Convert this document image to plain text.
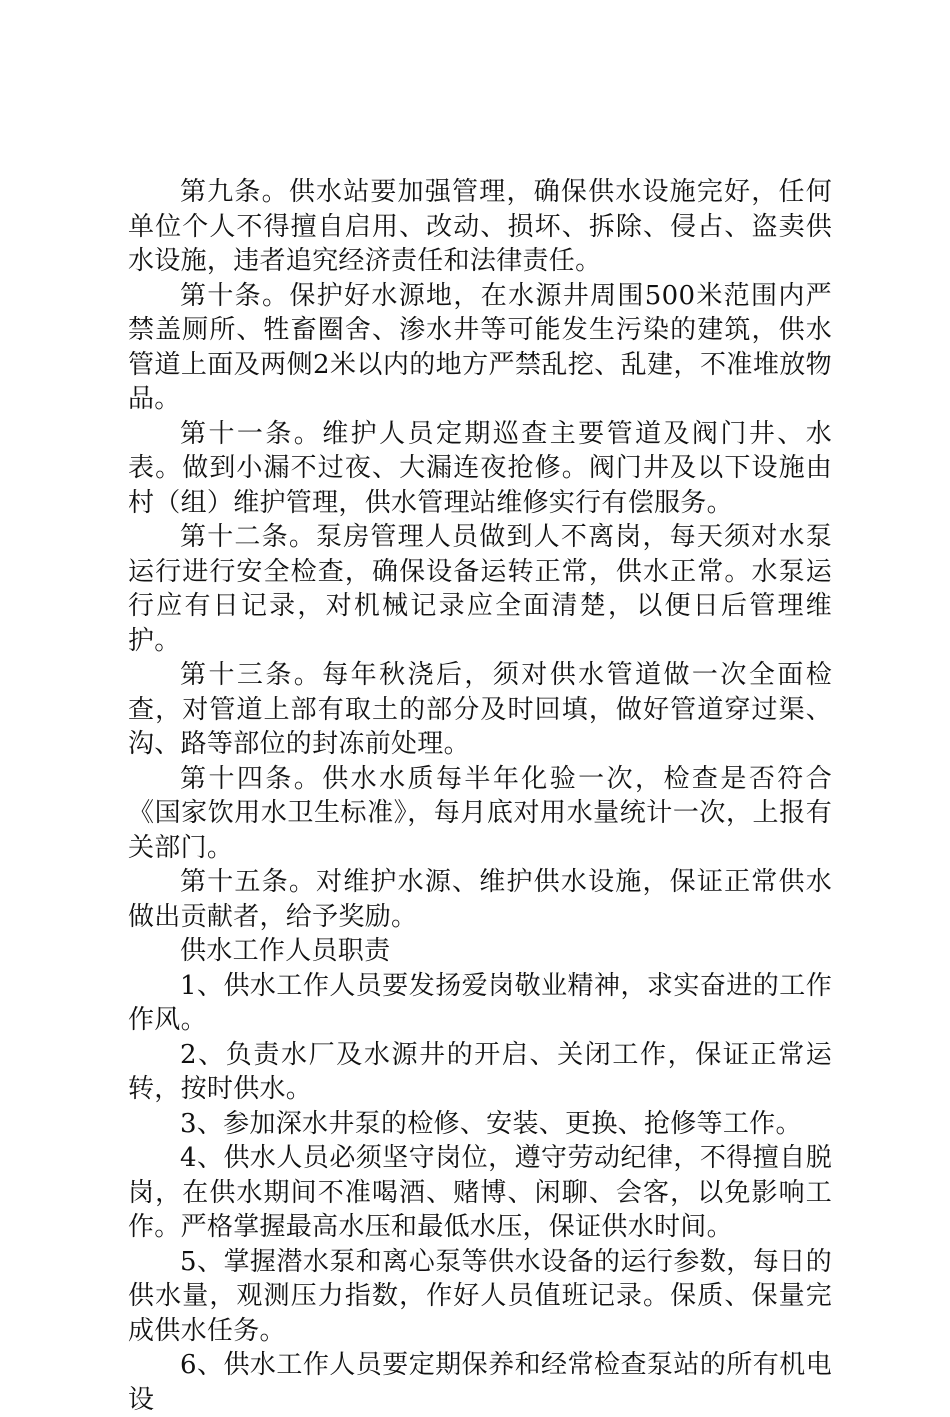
第九条。供水站要加强管理，确保供水设施完好，任何单位个人不得擅自启用、改动、损坏、拆除、侵占、盗卖供水设施，违者追究经济责任和法律责任。

第十条。保护好水源地，在水源井周围500米范围内严禁盖厕所、牲畜圈舍、渗水井等可能发生污染的建筑，供水管道上面及两侧2米以内的地方严禁乱挖、乱建，不准堆放物品。

第十一条。维护人员定期巡查主要管道及阀门井、水表。做到小漏不过夜、大漏连夜抢修。阀门井及以下设施由村（组）维护管理，供水管理站维修实行有偿服务。

第十二条。泵房管理人员做到人不离岗，每天须对水泵运行进行安全检查，确保设备运转正常，供水正常。水泵运行应有日记录，对机械记录应全面清楚，以便日后管理维护。

第十三条。每年秋浇后，须对供水管道做一次全面检查，对管道上部有取土的部分及时回填，做好管道穿过渠、沟、路等部位的封冻前处理。

第十四条。供水水质每半年化验一次，检查是否符合《国家饮用水卫生标准》，每月底对用水量统计一次，上报有关部门。

第十五条。对维护水源、维护供水设施，保证正常供水做出贡献者，给予奖励。

供水工作人员职责

1、供水工作人员要发扬爱岗敬业精神，求实奋进的工作作风。

2、负责水厂及水源井的开启、关闭工作，保证正常运转，按时供水。

3、参加深水井泵的检修、安装、更换、抢修等工作。

4、供水人员必须坚守岗位，遵守劳动纪律，不得擅自脱岗，在供水期间不准喝酒、赌博、闲聊、会客，以免影响工作。严格掌握最高水压和最低水压，保证供水时间。

5、掌握潜水泵和离心泵等供水设备的运行参数，每日的供水量，观测压力指数，作好人员值班记录。保质、保量完成供水任务。

6、供水工作人员要定期保养和经常检查泵站的所有机电设
